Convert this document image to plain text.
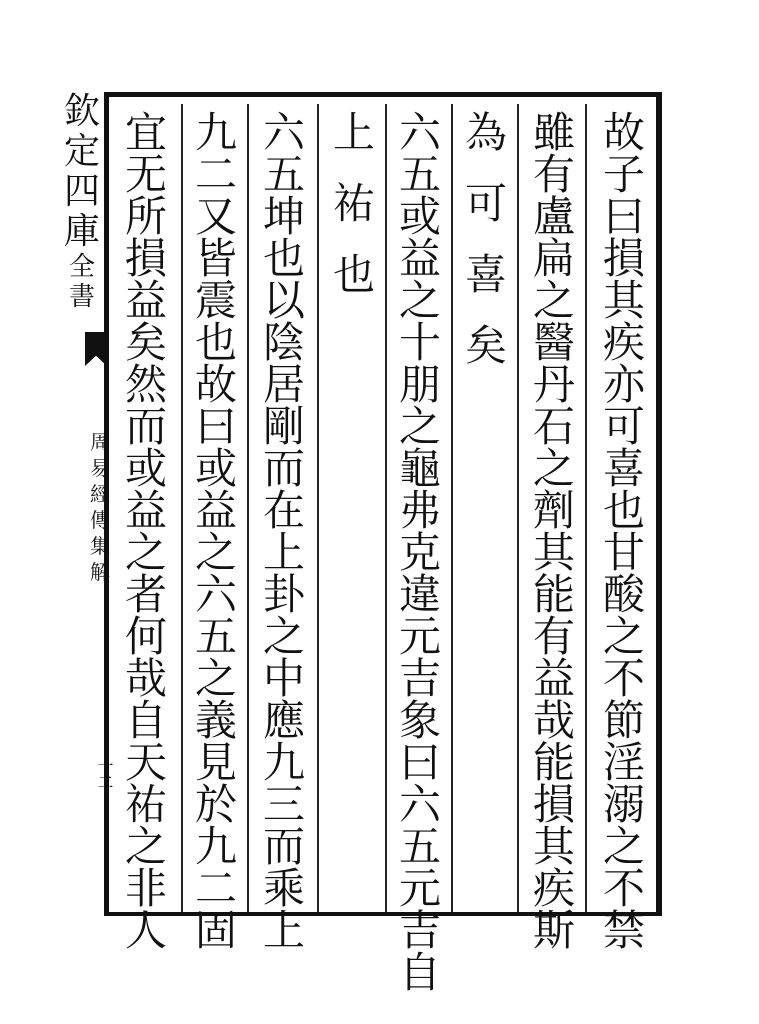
欽
定
四
庫
全
書
周
易
經
傳
集
解
十二
故
子
曰
損
其
疾
亦
可
喜
也
甘
酸
之
不
節
淫
溺
之
不
禁
雖
有
盧
扁
之
醫
丹
石
之
劑
其
能
有
益
哉
能
損
其
疾
斯
為
可
喜
矣
六
五
或
益
之
十
朋
之
龜
弗
克
違
元
吉
象
曰
六
五
元
吉
自
上
祐
也
六
五
坤
也
以
陰
居
剛
而
在
上
卦
之
中
應
九
三
而
乘
上
九
二
又
皆
震
也
故
曰
或
益
之
六
五
之
義
見
於
九
二
固
宜
无
所
損
益
矣
然
而
或
益
之
者
何
哉
自
天
祐
之
非
人
